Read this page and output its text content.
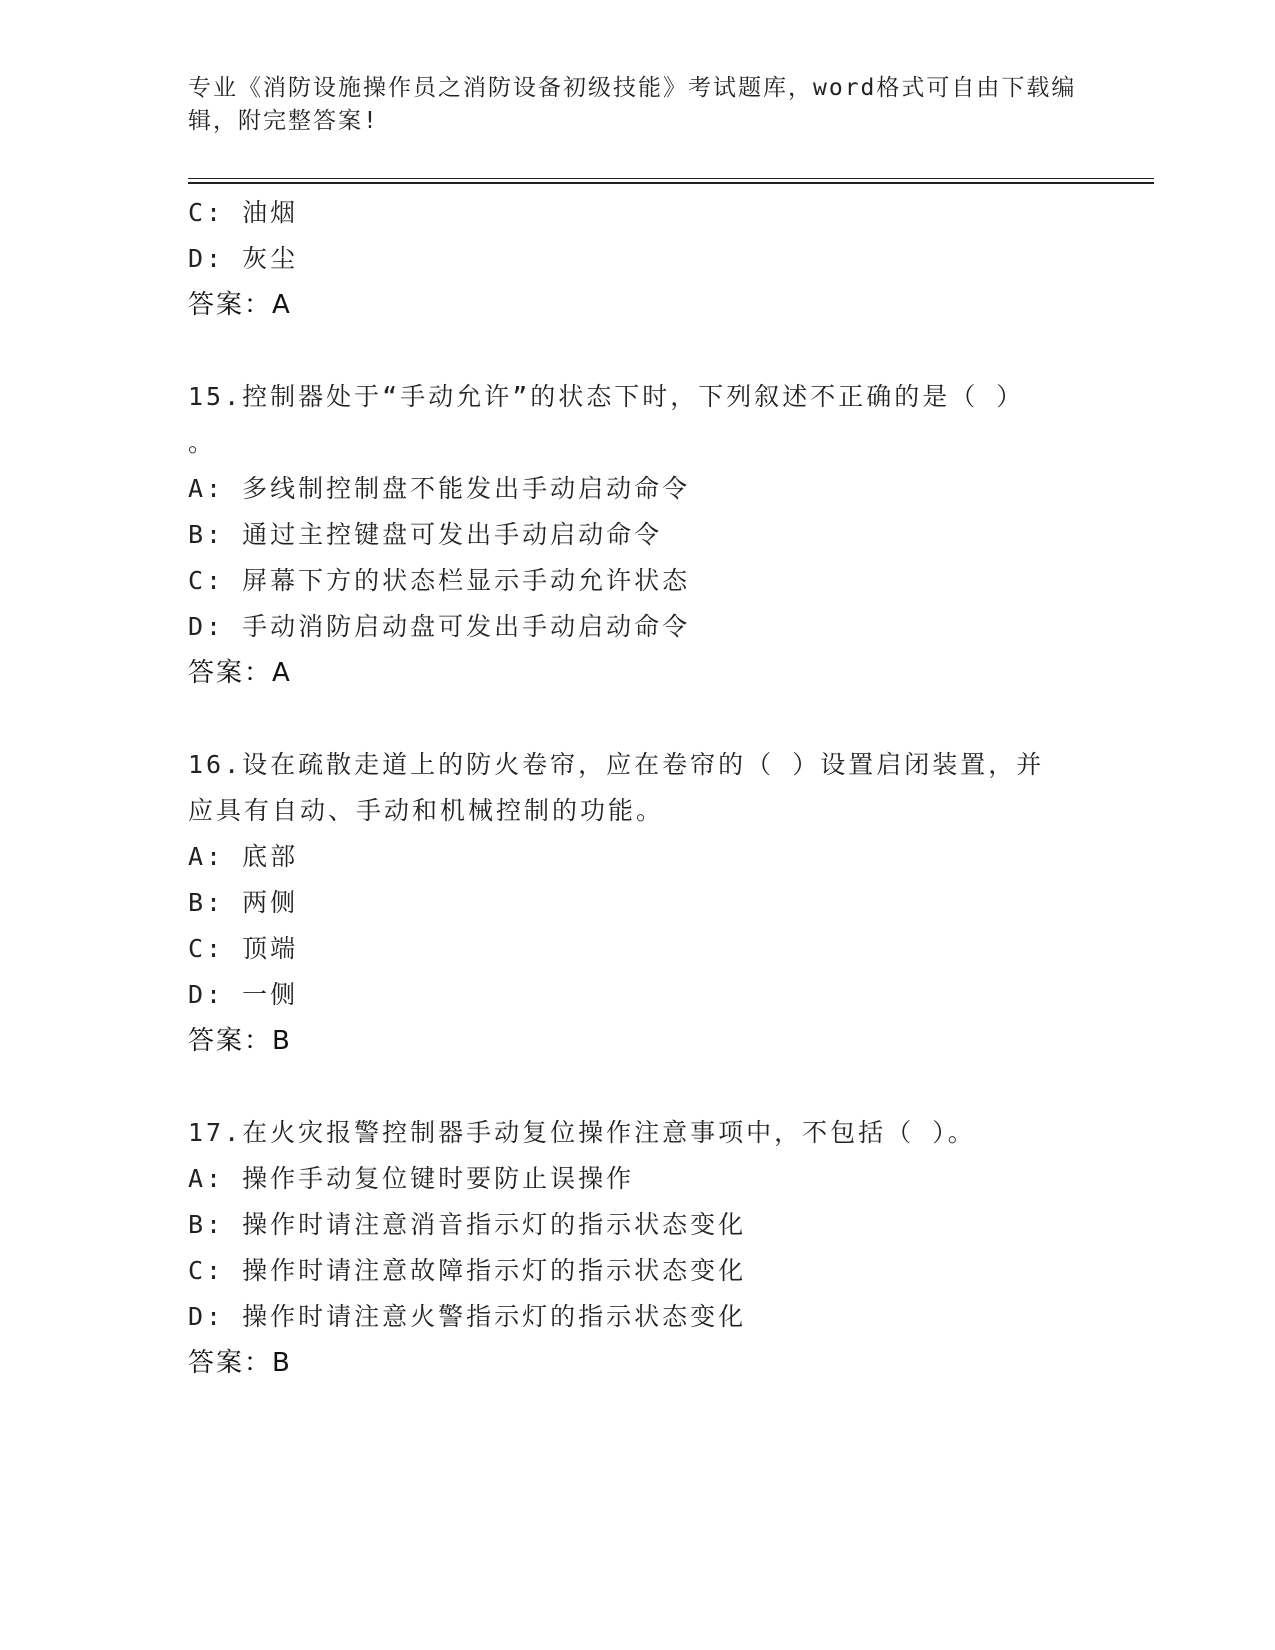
专业《消防设施操作员之消防设备初级技能》考试题库，word格式可自由下载编
辑，附完整答案!
C: 油烟
D: 灰尘
答案：A
15.控制器处于“手动允许”的状态下时，下列叙述不正确的是（ ）
。
A: 多线制控制盘不能发出手动启动命令
B: 通过主控键盘可发出手动启动命令
C: 屏幕下方的状态栏显示手动允许状态
D: 手动消防启动盘可发出手动启动命令
答案：A
16.设在疏散走道上的防火卷帘，应在卷帘的（ ）设置启闭装置，并
应具有自动、手动和机械控制的功能。
A: 底部
B: 两侧
C: 顶端
D: 一侧
答案：B
17.在火灾报警控制器手动复位操作注意事项中，不包括（ ）。
A: 操作手动复位键时要防止误操作
B: 操作时请注意消音指示灯的指示状态变化
C: 操作时请注意故障指示灯的指示状态变化
D: 操作时请注意火警指示灯的指示状态变化
答案：B
